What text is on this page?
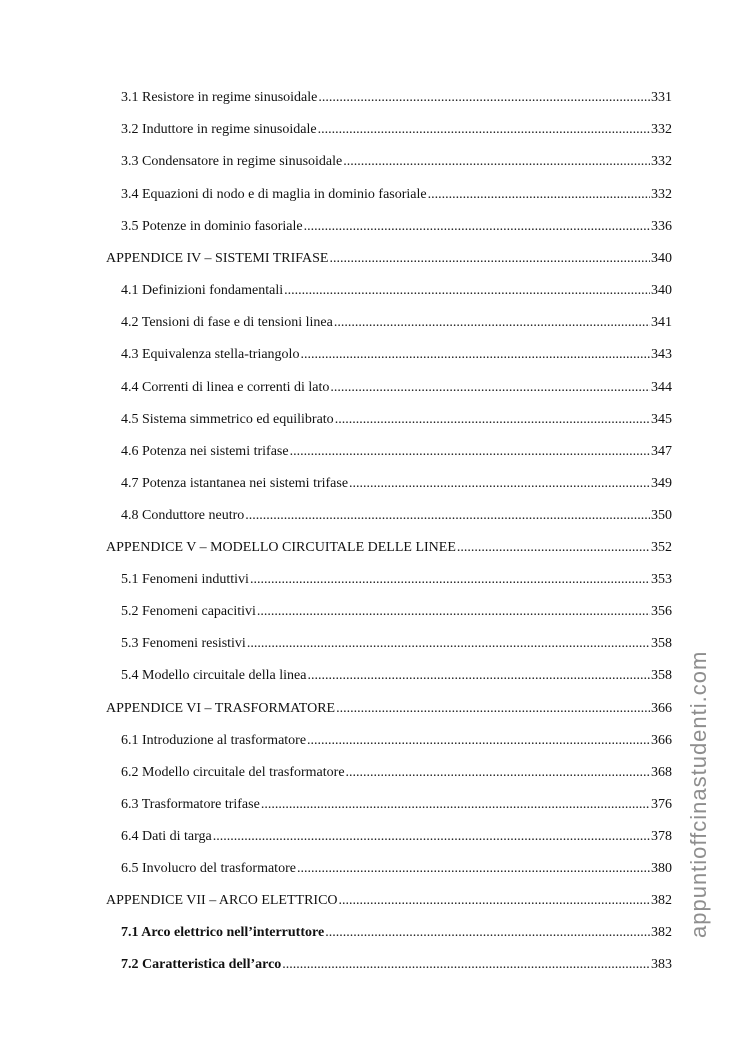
3.1 Resistore in regime sinusoidale .....	331
3.2 Induttore in regime sinusoidale .....	332
3.3 Condensatore in regime sinusoidale .....	332
3.4 Equazioni di nodo e di maglia in dominio fasoriale .....	332
3.5 Potenze in dominio fasoriale .....	336
APPENDICE IV – SISTEMI TRIFASE .....	340
4.1 Definizioni fondamentali .....	340
4.2 Tensioni di fase e di tensioni linea .....	341
4.3 Equivalenza stella-triangolo .....	343
4.4 Correnti di linea e correnti di lato .....	344
4.5 Sistema simmetrico ed equilibrato .....	345
4.6 Potenza nei sistemi trifase .....	347
4.7 Potenza istantanea nei sistemi trifase .....	349
4.8 Conduttore neutro .....	350
APPENDICE V – MODELLO CIRCUITALE DELLE LINEE .....	352
5.1 Fenomeni induttivi .....	353
5.2 Fenomeni capacitivi .....	356
5.3 Fenomeni resistivi .....	358
5.4 Modello circuitale della linea .....	358
APPENDICE VI – TRASFORMATORE .....	366
6.1 Introduzione al trasformatore .....	366
6.2 Modello circuitale del trasformatore .....	368
6.3 Trasformatore trifase .....	376
6.4 Dati di targa .....	378
6.5 Involucro del trasformatore .....	380
APPENDICE VII – ARCO ELETTRICO .....	382
7.1 Arco elettrico nell’interruttore .....	382
7.2 Caratteristica dell’arco .....	383
appuntioffcinastudenti.com
